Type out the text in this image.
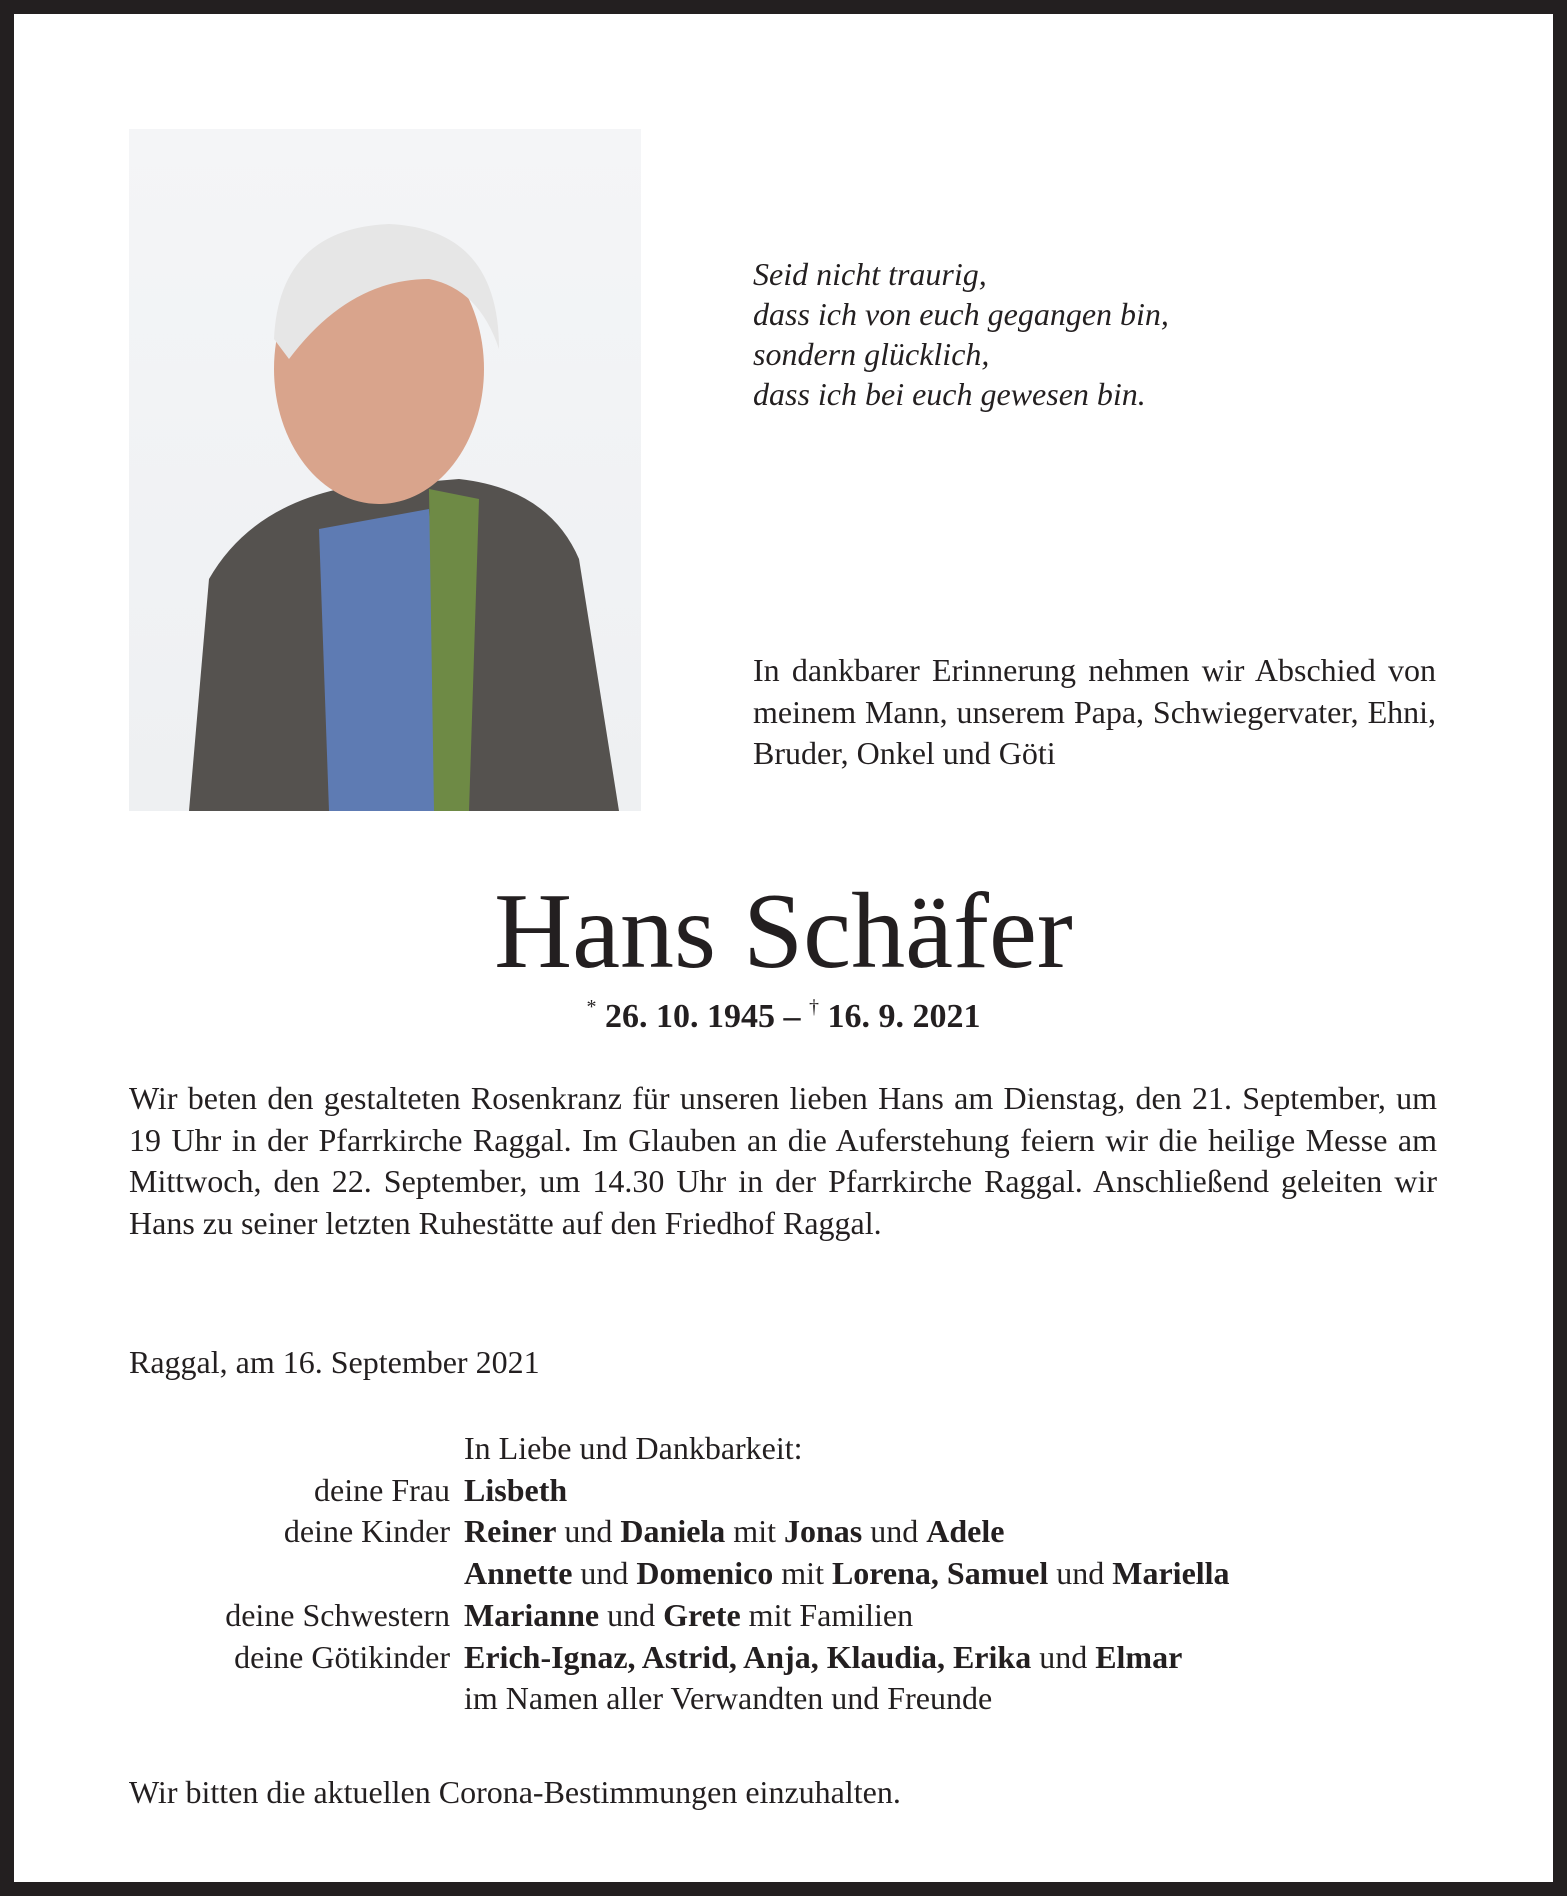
Seid nicht traurig,
dass ich von euch gegangen bin,
sondern glücklich,
dass ich bei euch gewesen bin.
In dankbarer Erinnerung nehmen wir Abschied von meinem Mann, unserem Papa, Schwiegervater, Ehni, Bruder, Onkel und Göti
Hans Schäfer
* 26. 10. 1945 – † 16. 9. 2021
Wir beten den gestalteten Rosenkranz für unseren lieben Hans am Dienstag, den 21. September, um 19 Uhr in der Pfarrkirche Raggal. Im Glauben an die Auferstehung feiern wir die heilige Messe am Mittwoch, den 22. September, um 14.30 Uhr in der Pfarrkirche Raggal. Anschließend geleiten wir Hans zu seiner letzten Ruhestätte auf den Friedhof Raggal.
Raggal, am 16. September 2021
In Liebe und Dankbarkeit:
deine Frau Lisbeth
deine Kinder Reiner und Daniela mit Jonas und Adele
Annette und Domenico mit Lorena, Samuel und Mariella
deine Schwestern Marianne und Grete mit Familien
deine Götikinder Erich-Ignaz, Astrid, Anja, Klaudia, Erika und Elmar
im Namen aller Verwandten und Freunde
Wir bitten die aktuellen Corona-Bestimmungen einzuhalten.
